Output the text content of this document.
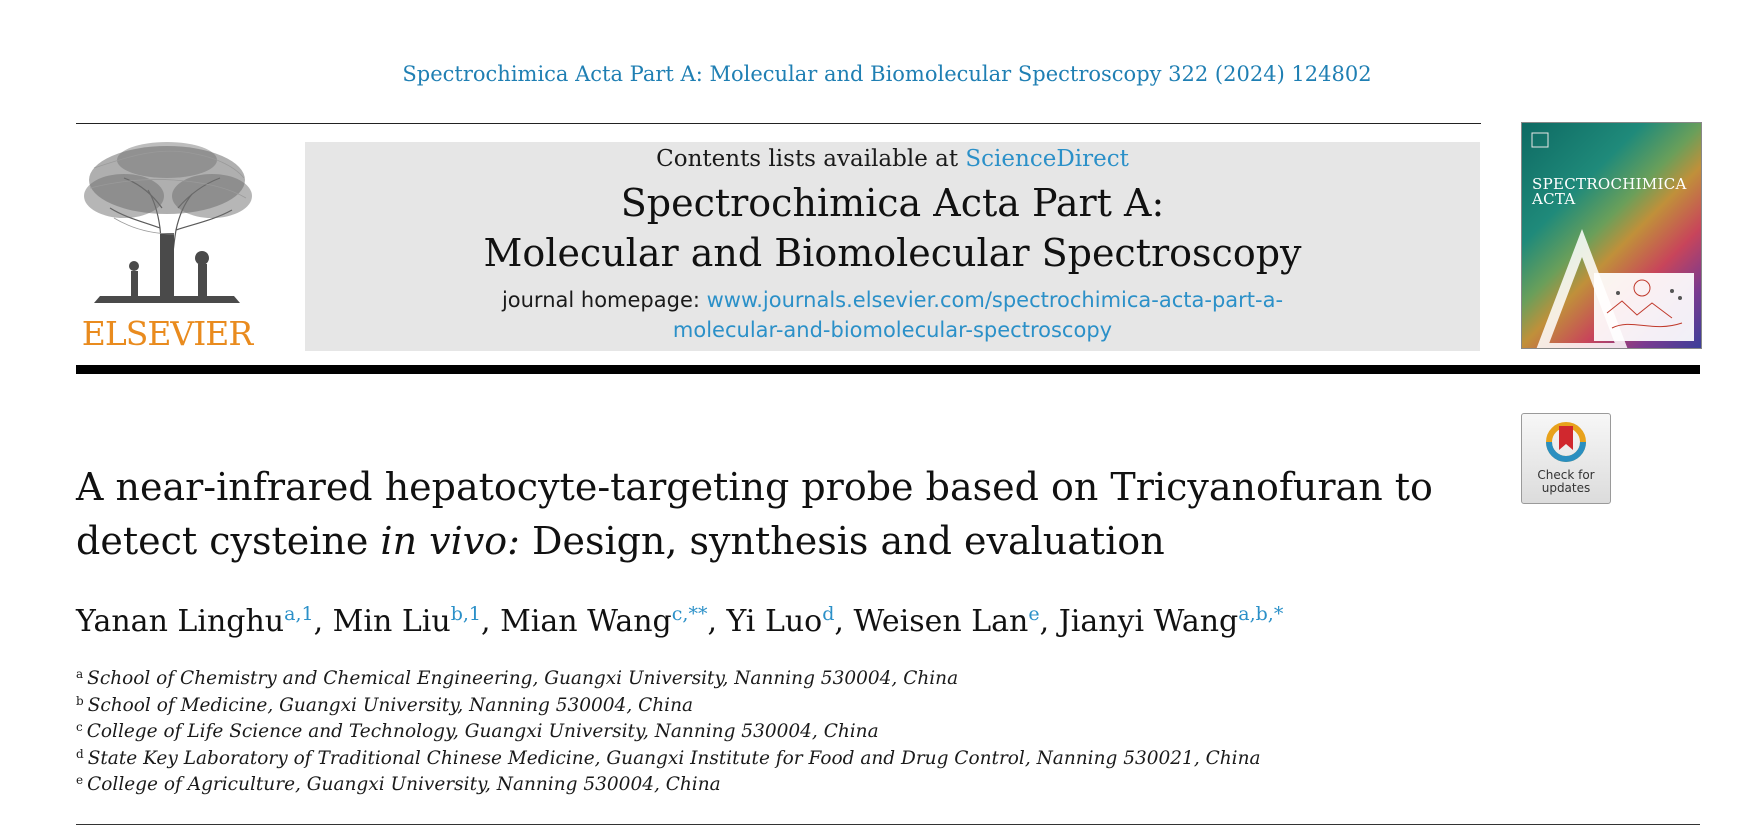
Spectrochimica Acta Part A: Molecular and Biomolecular Spectroscopy 322 (2024) 124802
ELSEVIER
Contents lists available at ScienceDirect
Spectrochimica Acta Part A:
Molecular and Biomolecular Spectroscopy
journal homepage: www.journals.elsevier.com/spectrochimica-acta-part-a-
molecular-and-biomolecular-spectroscopy
SPECTROCHIMICA
ACTA
Check for
updates
A near-infrared hepatocyte-targeting probe based on Tricyanofuran to detect cysteine in vivo: Design, synthesis and evaluation
Yanan Linghu$^{a,1}$, Min Liu$^{b,1}$, Mian Wang$^{c,**}$, Yi Luo$^d$, Weisen Lan$^e$, Jianyi Wang$^{a,b,*}$
$^a$ School of Chemistry and Chemical Engineering, Guangxi University, Nanning 530004, China
$^b$ School of Medicine, Guangxi University, Nanning 530004, China
$^c$ College of Life Science and Technology, Guangxi University, Nanning 530004, China
$^d$ State Key Laboratory of Traditional Chinese Medicine, Guangxi Institute for Food and Drug Control, Nanning 530021, China
$^e$ College of Agriculture, Guangxi University, Nanning 530004, China
